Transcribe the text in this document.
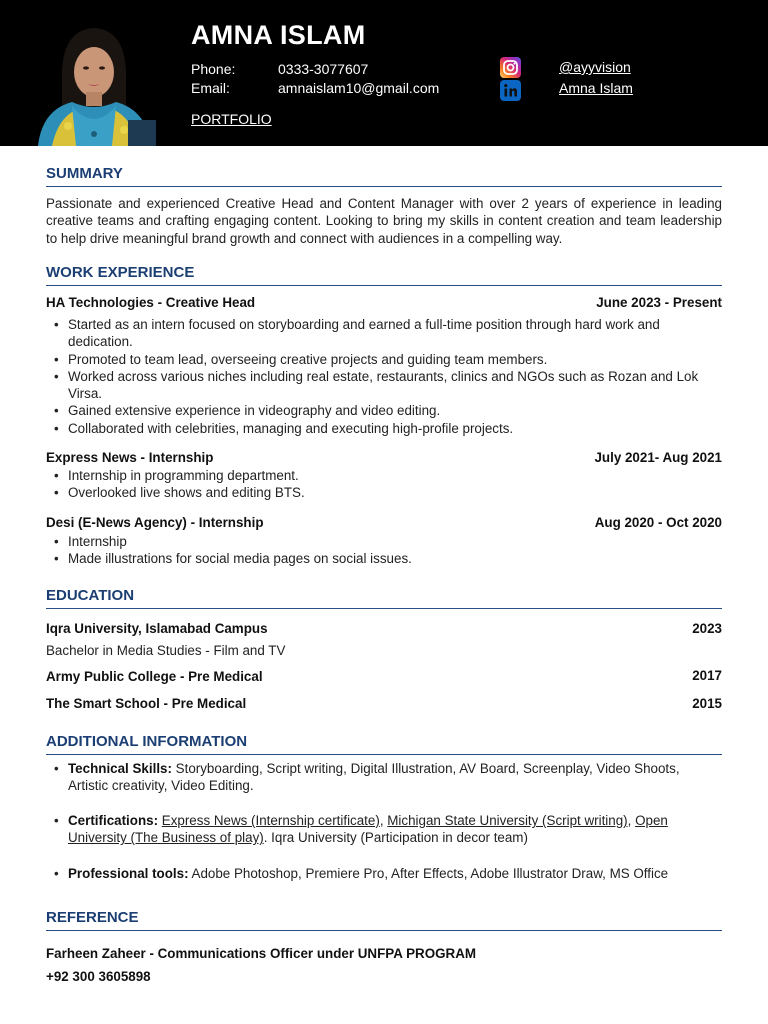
AMNA ISLAM
Phone:	0333-3077607
Email:	amnaislam10@gmail.com
PORTFOLIO
@ayyvision
Amna Islam
SUMMARY
Passionate and experienced Creative Head and Content Manager with over 2 years of experience in leading creative teams and crafting engaging content. Looking to bring my skills in content creation and team leadership to help drive meaningful brand growth and connect with audiences in a compelling way.
WORK EXPERIENCE
HA Technologies - Creative Head	June 2023 - Present
• Started as an intern focused on storyboarding and earned a full-time position through hard work and dedication.
• Promoted to team lead, overseeing creative projects and guiding team members.
• Worked across various niches including real estate, restaurants, clinics and NGOs such as Rozan and Lok Virsa.
• Gained extensive experience in videography and video editing.
• Collaborated with celebrities, managing and executing high-profile projects.
Express News - Internship	July 2021- Aug 2021
• Internship in programming department.
• Overlooked live shows and editing BTS.
Desi (E-News Agency) - Internship	Aug 2020 - Oct 2020
• Internship
• Made illustrations for social media pages on social issues.
EDUCATION
Iqra University, Islamabad Campus	2023
Bachelor in Media Studies - Film and TV
Army Public College - Pre Medical	2017
The Smart School - Pre Medical	2015
ADDITIONAL INFORMATION
• Technical Skills: Storyboarding, Script writing, Digital Illustration, AV Board, Screenplay, Video Shoots, Artistic creativity, Video Editing.
• Certifications: Express News (Internship certificate), Michigan State University (Script writing), Open University (The Business of play). Iqra University (Participation in decor team)
• Professional tools: Adobe Photoshop, Premiere Pro, After Effects, Adobe Illustrator Draw, MS Office
REFERENCE
Farheen Zaheer - Communications Officer under UNFPA PROGRAM
+92 300 3605898
